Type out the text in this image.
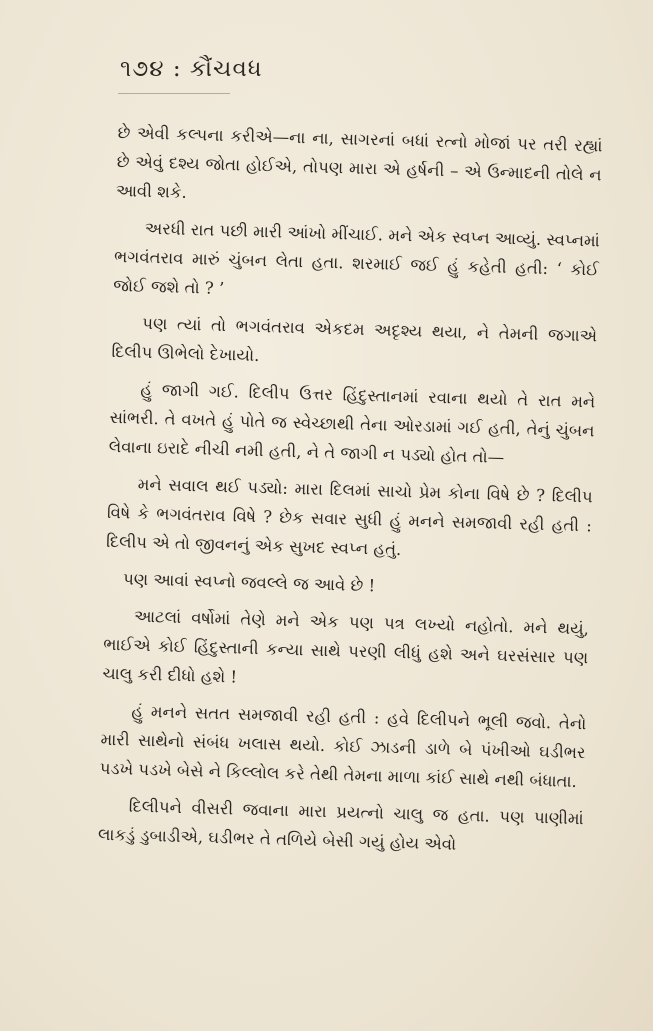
૧૭૪ : કૌંચવધ

છે એવી કલ્પના કરીએ—ના ના, સાગરનાં બધાં રત્નો મોજાં પર તરી રહ્યાં છે એવું દશ્ય જોતા હોઈએ, તોપણ મારા એ હર્ષની – એ ઉન્માદની તોલે ન આવી શકે.

અરધી રાત પછી મારી આંખો મીંચાઈ. મને એક સ્વપ્ન આવ્યું. સ્વપ્નમાં ભગવંતરાવ મારું ચુંબન લેતા હતા. શરમાઈ જઈ હું કહેતી હતી: ‘ કોઈ જોઈ જશે તો ? ’

પણ ત્યાં તો ભગવંતરાવ એકદમ અદૃશ્ય થયા, ને તેમની જગાએ દિલીપ ઊભેલો દેખાયો.

હું જાગી ગઈ. દિલીપ ઉત્તર હિંદુસ્તાનમાં રવાના થયો તે રાત મને સાંભરી. તે વખતે હું પોતે જ સ્વેચ્છાથી તેના ઓરડામાં ગઈ હતી, તેનું ચુંબન લેવાના ઇરાદે નીચી નમી હતી, ને તે જાગી ન પડ્યો હોત તો—

મને સવાલ થઈ પડ્યો: મારા દિલમાં સાચો પ્રેમ કોના વિષે છે ? દિલીપ વિષે કે ભગવંતરાવ વિષે ? છેક સવાર સુધી હું મનને સમજાવી રહી હતી : દિલીપ એ તો જીવનનું એક સુખદ સ્વપ્ન હતું.

પણ આવાં સ્વપ્નો જવલ્લે જ આવે છે !

આટલાં વર્ષોમાં તેણે મને એક પણ પત્ર લખ્યો નહોતો. મને થયું, ભાઈએ કોઈ હિંદુસ્તાની કન્યા સાથે પરણી લીધું હશે અને ઘરસંસાર પણ ચાલુ કરી દીધો હશે !

હું મનને સતત સમજાવી રહી હતી : હવે દિલીપને ભૂલી જવો. તેનો મારી સાથેનો સંબંધ ખલાસ થયો. કોઈ ઝાડની ડાળે બે પંખીઓ ઘડીભર પડખે પડખે બેસે ને કિલ્લોલ કરે તેથી તેમના માળા કાંઈ સાથે નથી બંધાતા.

દિલીપને વીસરી જવાના મારા પ્રયત્નો ચાલુ જ હતા. પણ પાણીમાં લાકડું ડુબાડીએ, ઘડીભર તે તળિયે બેસી ગયું હોય એવો
